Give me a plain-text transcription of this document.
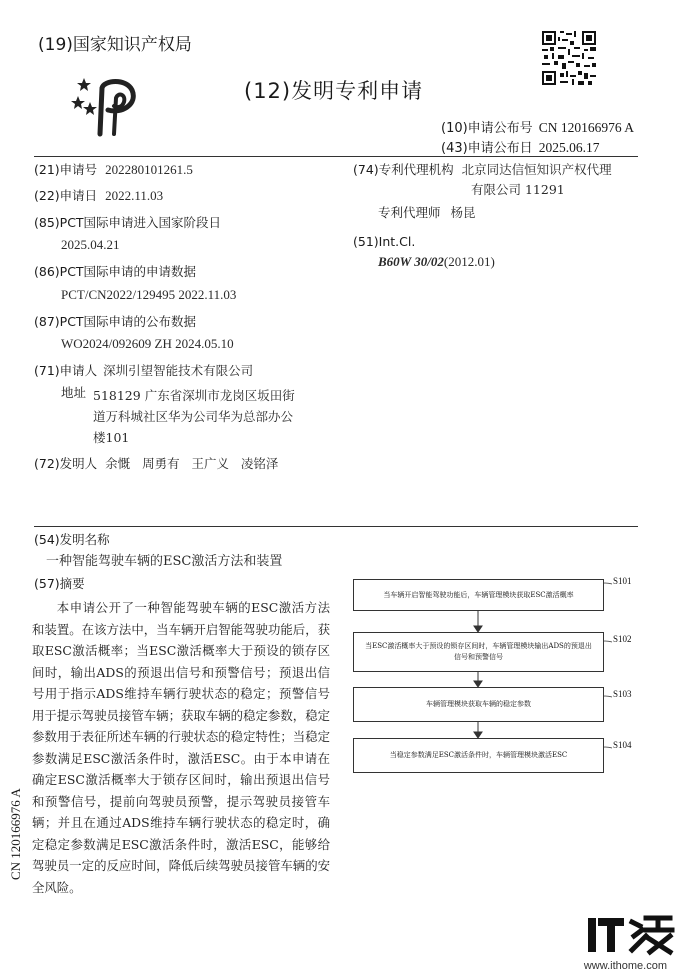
(19)国家知识产权局
(12)发明专利申请
(10)申请公布号 CN 120166976 A
(43)申请公布日 2025.06.17
(21)申请号 202280101261.5
(22)申请日 2022.11.03
(85)PCT国际申请进入国家阶段日
2025.04.21
(86)PCT国际申请的申请数据
PCT/CN2022/129495 2022.11.03
(87)PCT国际申请的公布数据
WO2024/092609 ZH 2024.05.10
(71)申请人 深圳引望智能技术有限公司
地址 518129 广东省深圳市龙岗区坂田街
道万科城社区华为公司华为总部办公
楼101
(72)发明人 余慨   周勇有   王广义   凌铭泽
(74)专利代理机构 北京同达信恒知识产权代理
有限公司 11291
专利代理师 杨昆
(51)Int.Cl.
B60W 30/02(2012.01)
(54)发明名称
一种智能驾驶车辆的ESC激活方法和装置
(57)摘要

本申请公开了一种智能驾驶车辆的ESC激活方法和装置。在该方法中，当车辆开启智能驾驶功能后，获取ESC激活概率；当ESC激活概率大于预设的锁存区间时，输出ADS的预退出信号和预警信号；预退出信号用于指示ADS维持车辆行驶状态的稳定；预警信号用于提示驾驶员接管车辆；获取车辆的稳定参数，稳定参数用于表征所述车辆的行驶状态的稳定特性；当稳定参数满足ESC激活条件时，激活ESC。由于本申请在确定ESC激活概率大于锁存区间时，输出预退出信号和预警信号，提前向驾驶员预警，提示驾驶员接管车辆；并且在通过ADS维持车辆行驶状态的稳定时，确定稳定参数满足ESC激活条件时，激活ESC，能够给驾驶员一定的反应时间，降低后续驾驶员接管车辆的安全风险。

当车辆开启智能驾驶功能后，车辆管理模块获取ESC激活概率
S101
当ESC激活概率大于预设的锁存区间时，车辆管理模块输出ADS的预退出信号和预警信号
S102
车辆管理模块获取车辆的稳定参数
S103
当稳定参数满足ESC激活条件时，车辆管理模块激活ESC
S104
CN 120166976 A
www.ithome.com
